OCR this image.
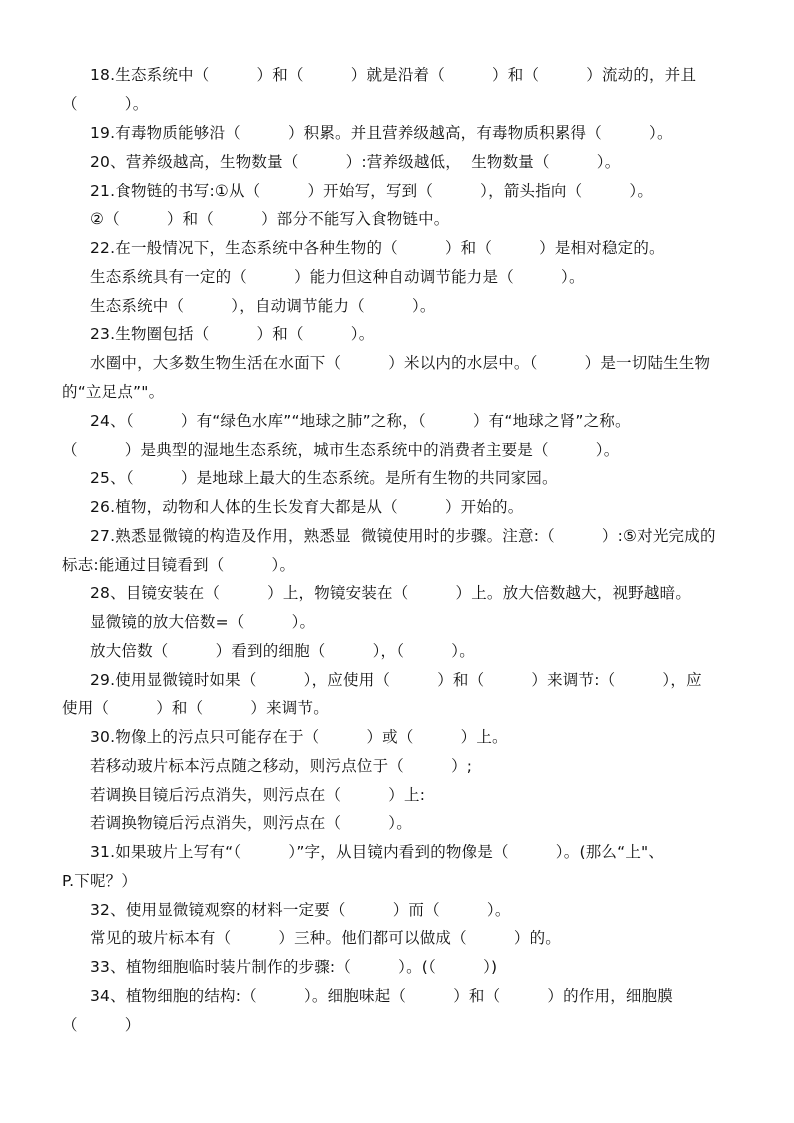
18.生态系统中（　　　）和（　　　）就是沿着（　　　）和（　　　）流动的，并且
（　　　）。
19.有毒物质能够沿（　　　）积累。并且营养级越高，有毒物质积累得（　　　）。
20、营养级越高，生物数量（　　　）:营养级越低，  生物数量（　　　）。
21.食物链的书写:①从（　　　）开始写，写到（　　　），箭头指向（　　　）。
②（　　　）和（　　　）部分不能写入食物链中。
22.在一般情况下，生态系统中各种生物的（　　　）和（　　　）是相对稳定的。
生态系统具有一定的（　　　）能力但这种自动调节能力是（　　　）。
生态系统中（　　　），自动调节能力（　　　）。
23.生物圈包括（　　　）和（　　　）。
水圈中，大多数生物生活在水面下（　　　）米以内的水层中。（　　　）是一切陆生生物
的“立足点”"。
24、（　　　）有“绿色水库”“地球之肺”之称，（　　　）有“地球之肾”之称。
（　　　）是典型的湿地生态系统，城市生态系统中的消费者主要是（　　　）。
25、（　　　）是地球上最大的生态系统。是所有生物的共同家园。
26.植物，动物和人体的生长发育大都是从（　　　）开始的。
27.熟悉显微镜的构造及作用，熟悉显  微镜使用时的步骤。注意:（　　　）:⑤对光完成的
标志:能通过目镜看到（　　　）。
28、目镜安装在（　　　）上，物镜安装在（　　　）上。放大倍数越大，视野越暗。
显微镜的放大倍数=（　　　）。
放大倍数（　　　）看到的细胞（　　　），（　　　）。
29.使用显微镜时如果（　　　），应使用（　　　）和（　　　）来调节:（　　　），应
使用（　　　）和（　　　）来调节。
30.物像上的污点只可能存在于（　　　）或（　　　）上。
若移动玻片标本污点随之移动，则污点位于（　　　）;
若调换目镜后污点消失，则污点在（　　　）上:
若调换物镜后污点消失，则污点在（　　　）。
31.如果玻片上写有“（　　　）”字，从目镜内看到的物像是（　　　）。(那么“上"、
P.下呢？）
32、使用显微镜观察的材料一定要（　　　）而（　　　）。
常见的玻片标本有（　　　）三种。他们都可以做成（　　　）的。
33、植物细胞临时装片制作的步骤:（　　　）。(（　　　）)
34、植物细胞的结构:（　　　）。细胞味起（　　　）和（　　　）的作用，细胞膜
（　　　）
